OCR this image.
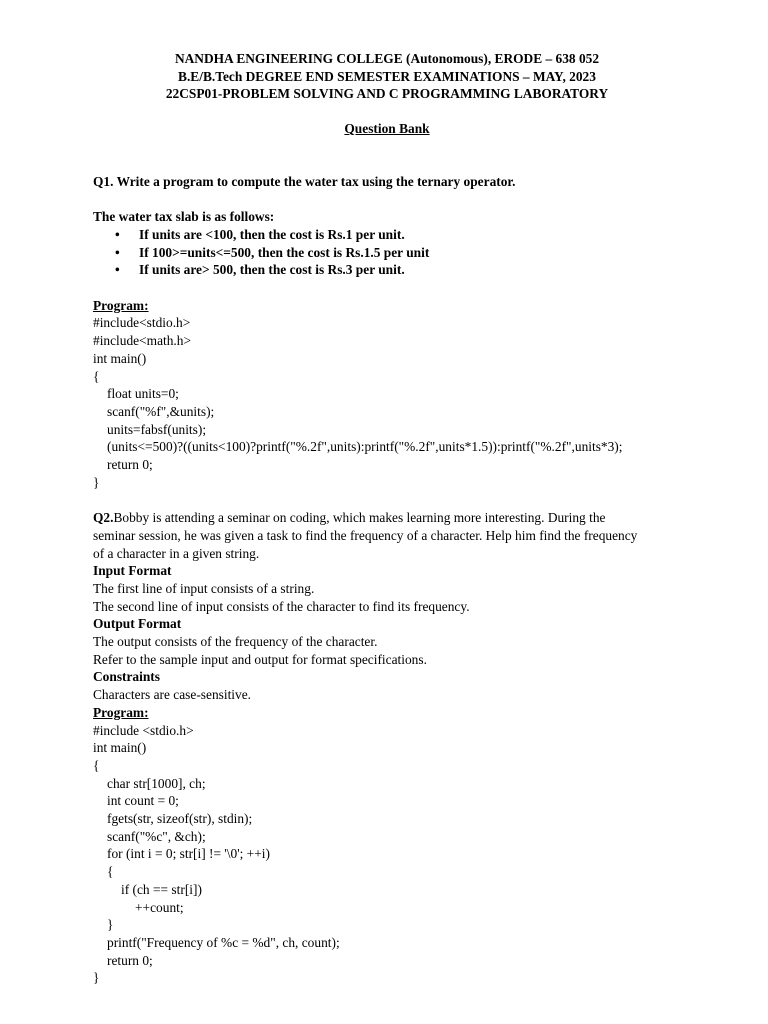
NANDHA ENGINEERING COLLEGE (Autonomous), ERODE – 638 052
B.E/B.Tech DEGREE END SEMESTER EXAMINATIONS – MAY, 2023
22CSP01-PROBLEM SOLVING AND C PROGRAMMING LABORATORY
Question Bank
Q1. Write a program to compute the water tax using the ternary operator.
The water tax slab is as follows:
• If units are <100, then the cost is Rs.1 per unit.
• If 100>=units<=500, then the cost is Rs.1.5 per unit
• If units are> 500, then the cost is Rs.3 per unit.
Program:
#include<stdio.h>
#include<math.h>
int main()
{
float units=0;
scanf("%f",&units);
units=fabsf(units);
(units<=500)?((units<100)?printf("%.2f",units):printf("%.2f",units*1.5)):printf("%.2f",units*3);
return 0;
}
Q2.Bobby is attending a seminar on coding, which makes learning more interesting. During the
seminar session, he was given a task to find the frequency of a character. Help him find the frequency
of a character in a given string.
Input Format
The first line of input consists of a string.
The second line of input consists of the character to find its frequency.
Output Format
The output consists of the frequency of the character.
Refer to the sample input and output for format specifications.
Constraints
Characters are case-sensitive.
Program:
#include <stdio.h>
int main()
{
char str[1000], ch;
int count = 0;
fgets(str, sizeof(str), stdin);
scanf("%c", &ch);
for (int i = 0; str[i] != '\0'; ++i)
{
if (ch == str[i])
++count;
}
printf("Frequency of %c = %d", ch, count);
return 0;
}
